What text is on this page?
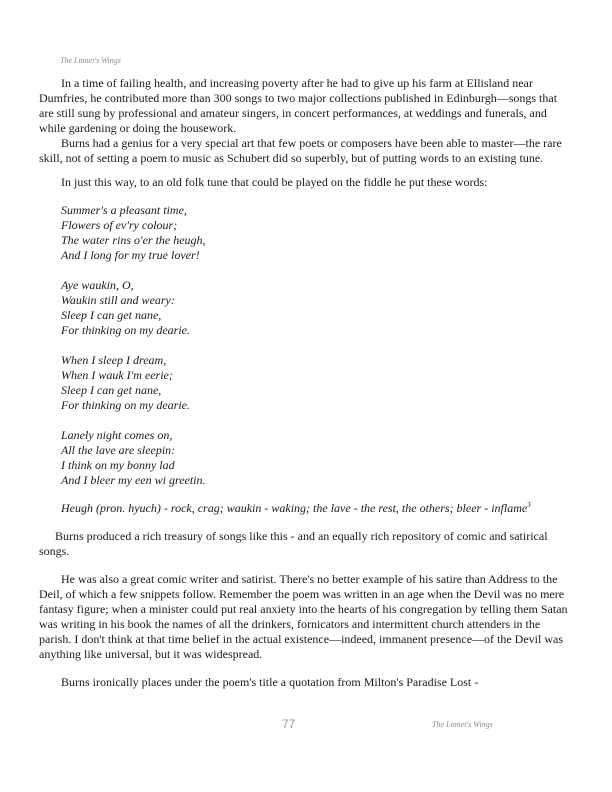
The Linnet's Wings

In a time of failing health, and increasing poverty after he had to give up his farm at Ellisland near Dumfries, he contributed more than 300 songs to two major collections published in Edinburgh—songs that are still sung by professional and amateur singers, in concert performances, at weddings and funerals, and while gardening or doing the housework.

Burns had a genius for a very special art that few poets or composers have been able to master—the rare skill, not of setting a poem to music as Schubert did so superbly, but of putting words to an existing tune.

In just this way, to an old folk tune that could be played on the fiddle he put these words:

Summer's a pleasant time,
Flowers of ev'ry colour;
The water rins o'er the heugh,
And I long for my true lover!
Aye waukin, O,
Waukin still and weary:
Sleep I can get nane,
For thinking on my dearie.
When I sleep I dream,
When I wauk I'm eerie;
Sleep I can get nane,
For thinking on my dearie.
Lanely night comes on,
All the lave are sleepin:
I think on my bonny lad
And I bleer my een wi greetin.

Heugh (pron. hyuch) - rock, crag; waukin - waking; the lave - the rest, the others; bleer - inflame$^3$

Burns produced a rich treasury of songs like this - and an equally rich repository of comic and satirical songs.

He was also a great comic writer and satirist. There's no better example of his satire than Address to the Deil, of which a few snippets follow. Remember the poem was written in an age when the Devil was no mere fantasy figure; when a minister could put real anxiety into the hearts of his congregation by telling them Satan was writing in his book the names of all the drinkers, fornicators and intermittent church attenders in the parish. I don't think at that time belief in the actual existence—indeed, immanent presence—of the Devil was anything like universal, but it was widespread.

Burns ironically places under the poem's title a quotation from Milton's Paradise Lost -

77	The Linnet's Wings
